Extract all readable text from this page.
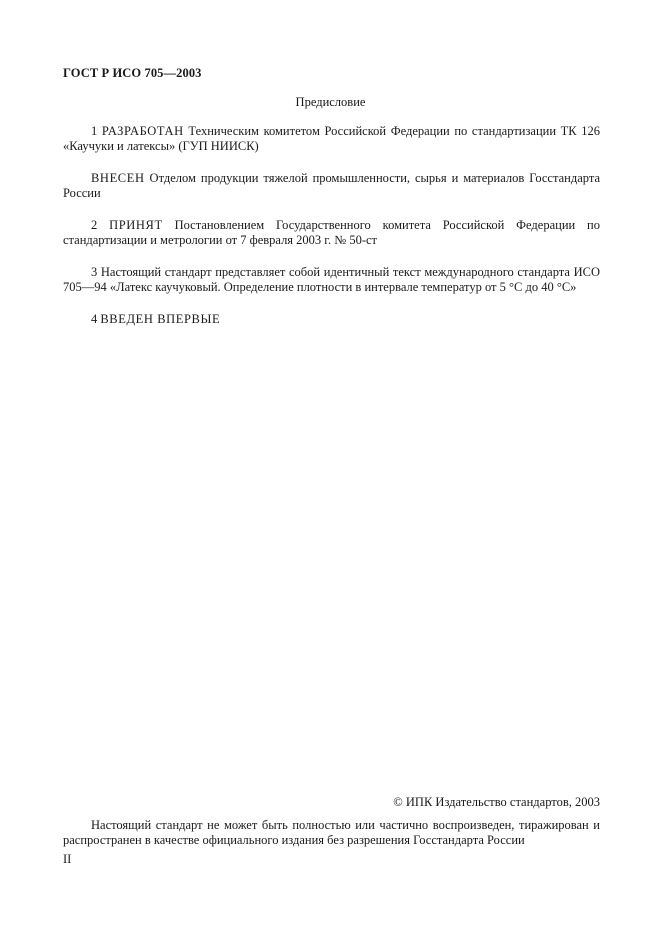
ГОСТ Р ИСО 705—2003
Предисловие

1 РАЗРАБОТАН Техническим комитетом Российской Федерации по стандартизации ТК 126 «Каучуки и латексы» (ГУП НИИСК)

ВНЕСЕН Отделом продукции тяжелой промышленности, сырья и материалов Госстандарта России

2 ПРИНЯТ Постановлением Государственного комитета Российской Федерации по стандартизации и метрологии от 7 февраля 2003 г. № 50-ст

3 Настоящий стандарт представляет собой идентичный текст международного стандарта ИСО 705—94 «Латекс каучуковый. Определение плотности в интервале температур от 5 °С до 40 °С»

4 ВВЕДЕН ВПЕРВЫЕ

© ИПК Издательство стандартов, 2003

Настоящий стандарт не может быть полностью или частично воспроизведен, тиражирован и распространен в качестве официального издания без разрешения Госстандарта России

II
